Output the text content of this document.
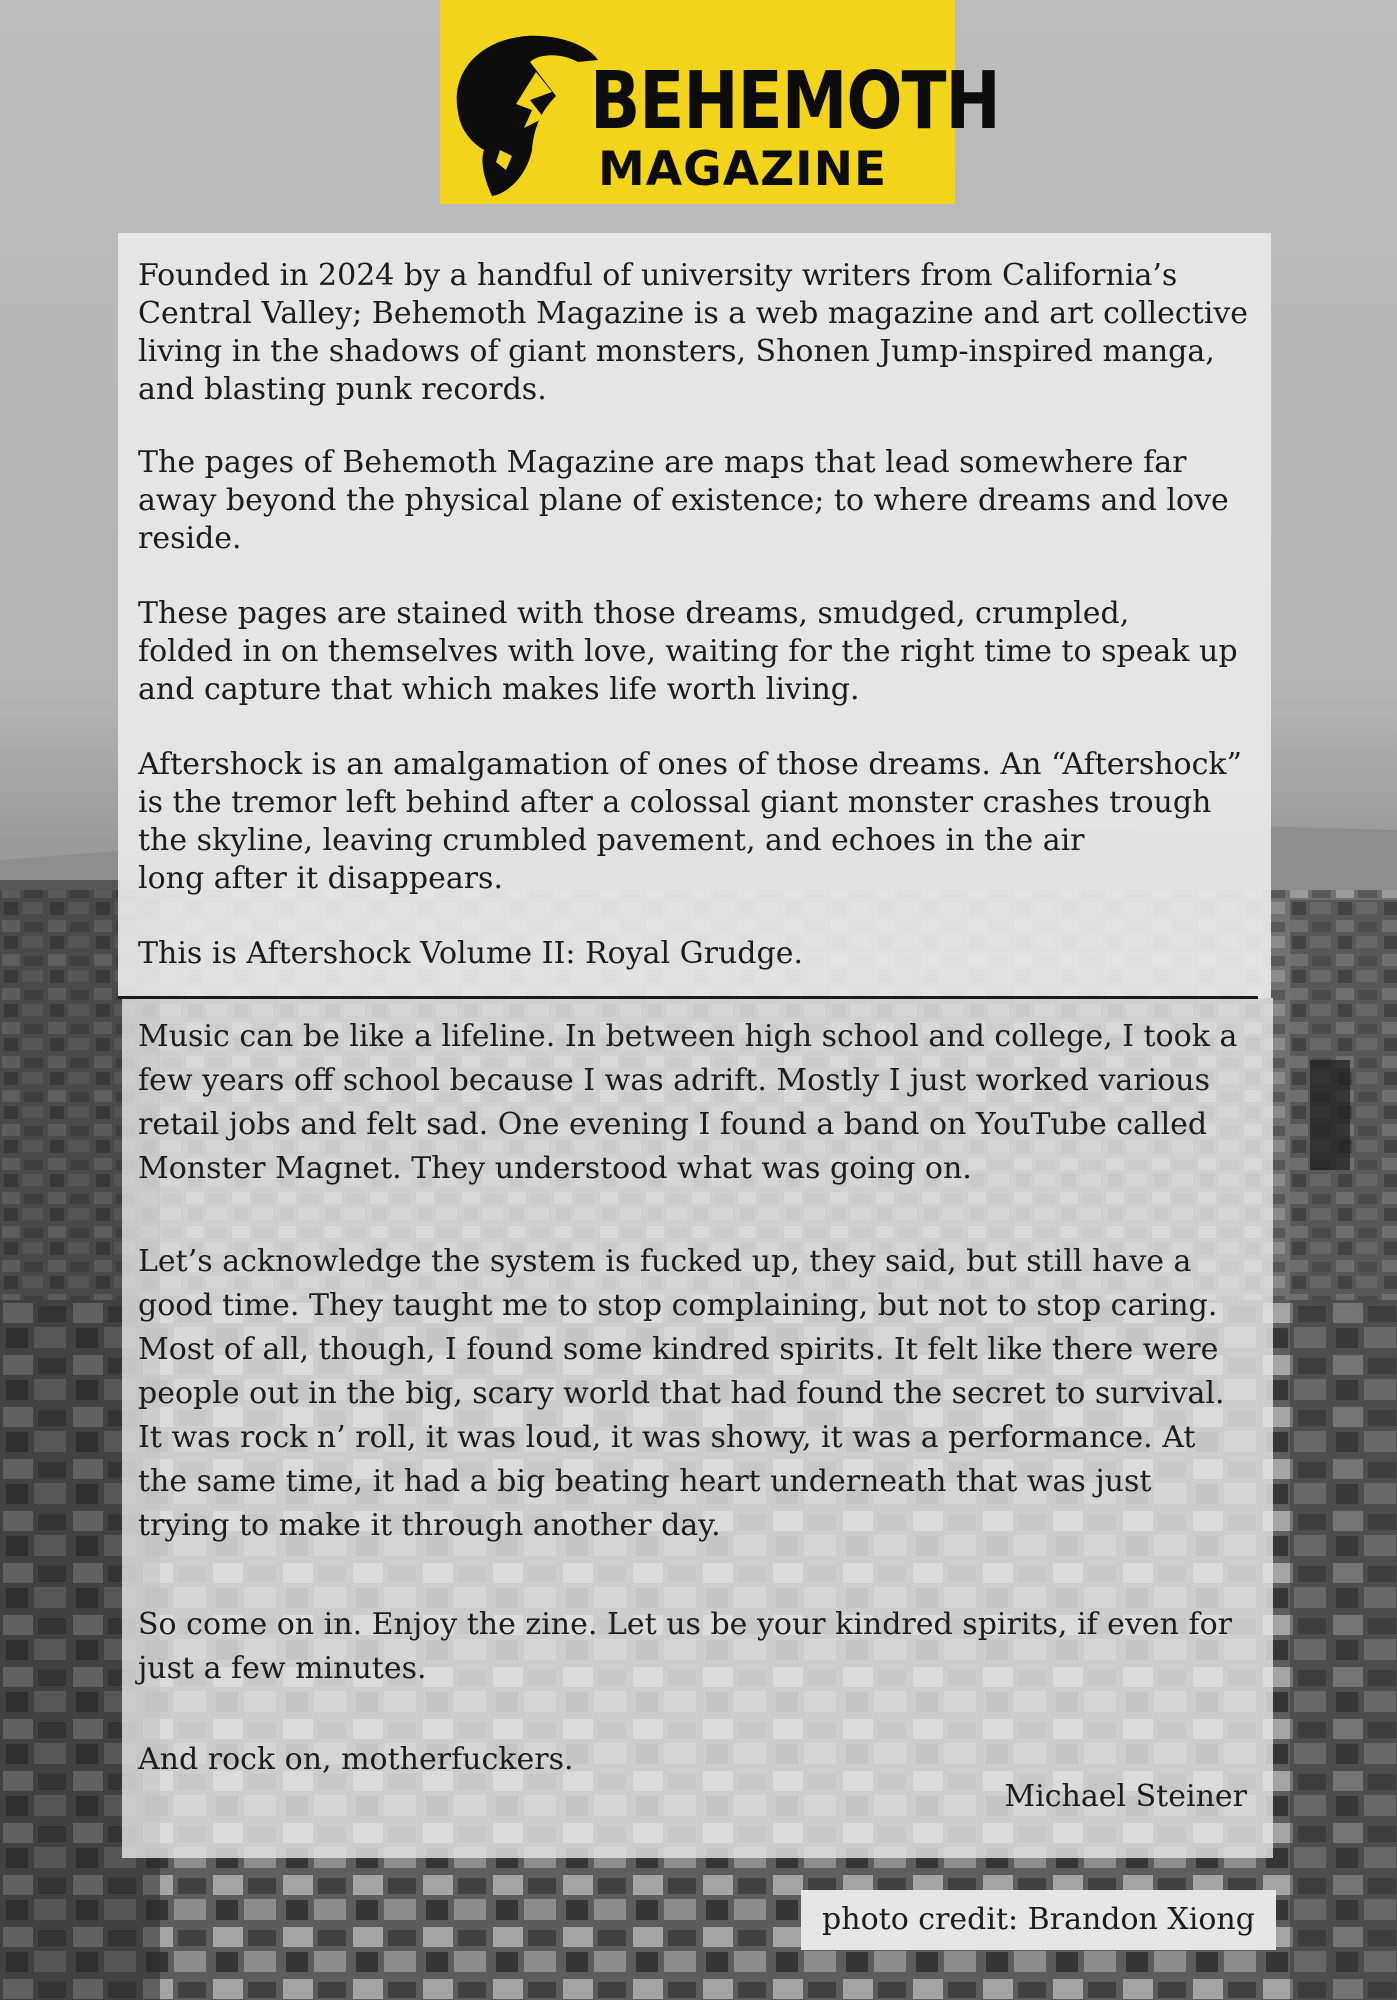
BEHEMOTH
MAGAZINE

Founded in 2024 by a handful of university writers from California’s
Central Valley; Behemoth Magazine is a web magazine and art collective
living in the shadows of giant monsters, Shonen Jump-inspired manga,
and blasting punk records.

The pages of Behemoth Magazine are maps that lead somewhere far
away beyond the physical plane of existence; to where dreams and love
reside.

These pages are stained with those dreams, smudged, crumpled,
folded in on themselves with love, waiting for the right time to speak up
and capture that which makes life worth living.

Aftershock is an amalgamation of ones of those dreams. An “Aftershock”
is the tremor left behind after a colossal giant monster crashes trough
the skyline, leaving crumbled pavement, and echoes in the air
long after it disappears.

This is Aftershock Volume II: Royal Grudge.

Music can be like a lifeline. In between high school and college, I took a
few years off school because I was adrift. Mostly I just worked various
retail jobs and felt sad. One evening I found a band on YouTube called
Monster Magnet. They understood what was going on.

Let’s acknowledge the system is fucked up, they said, but still have a
good time. They taught me to stop complaining, but not to stop caring.
Most of all, though, I found some kindred spirits. It felt like there were
people out in the big, scary world that had found the secret to survival.
It was rock n’ roll, it was loud, it was showy, it was a performance. At
the same time, it had a big beating heart underneath that was just
trying to make it through another day.

So come on in. Enjoy the zine. Let us be your kindred spirits, if even for
just a few minutes.

And rock on, motherfuckers.

Michael Steiner

photo credit: Brandon Xiong
